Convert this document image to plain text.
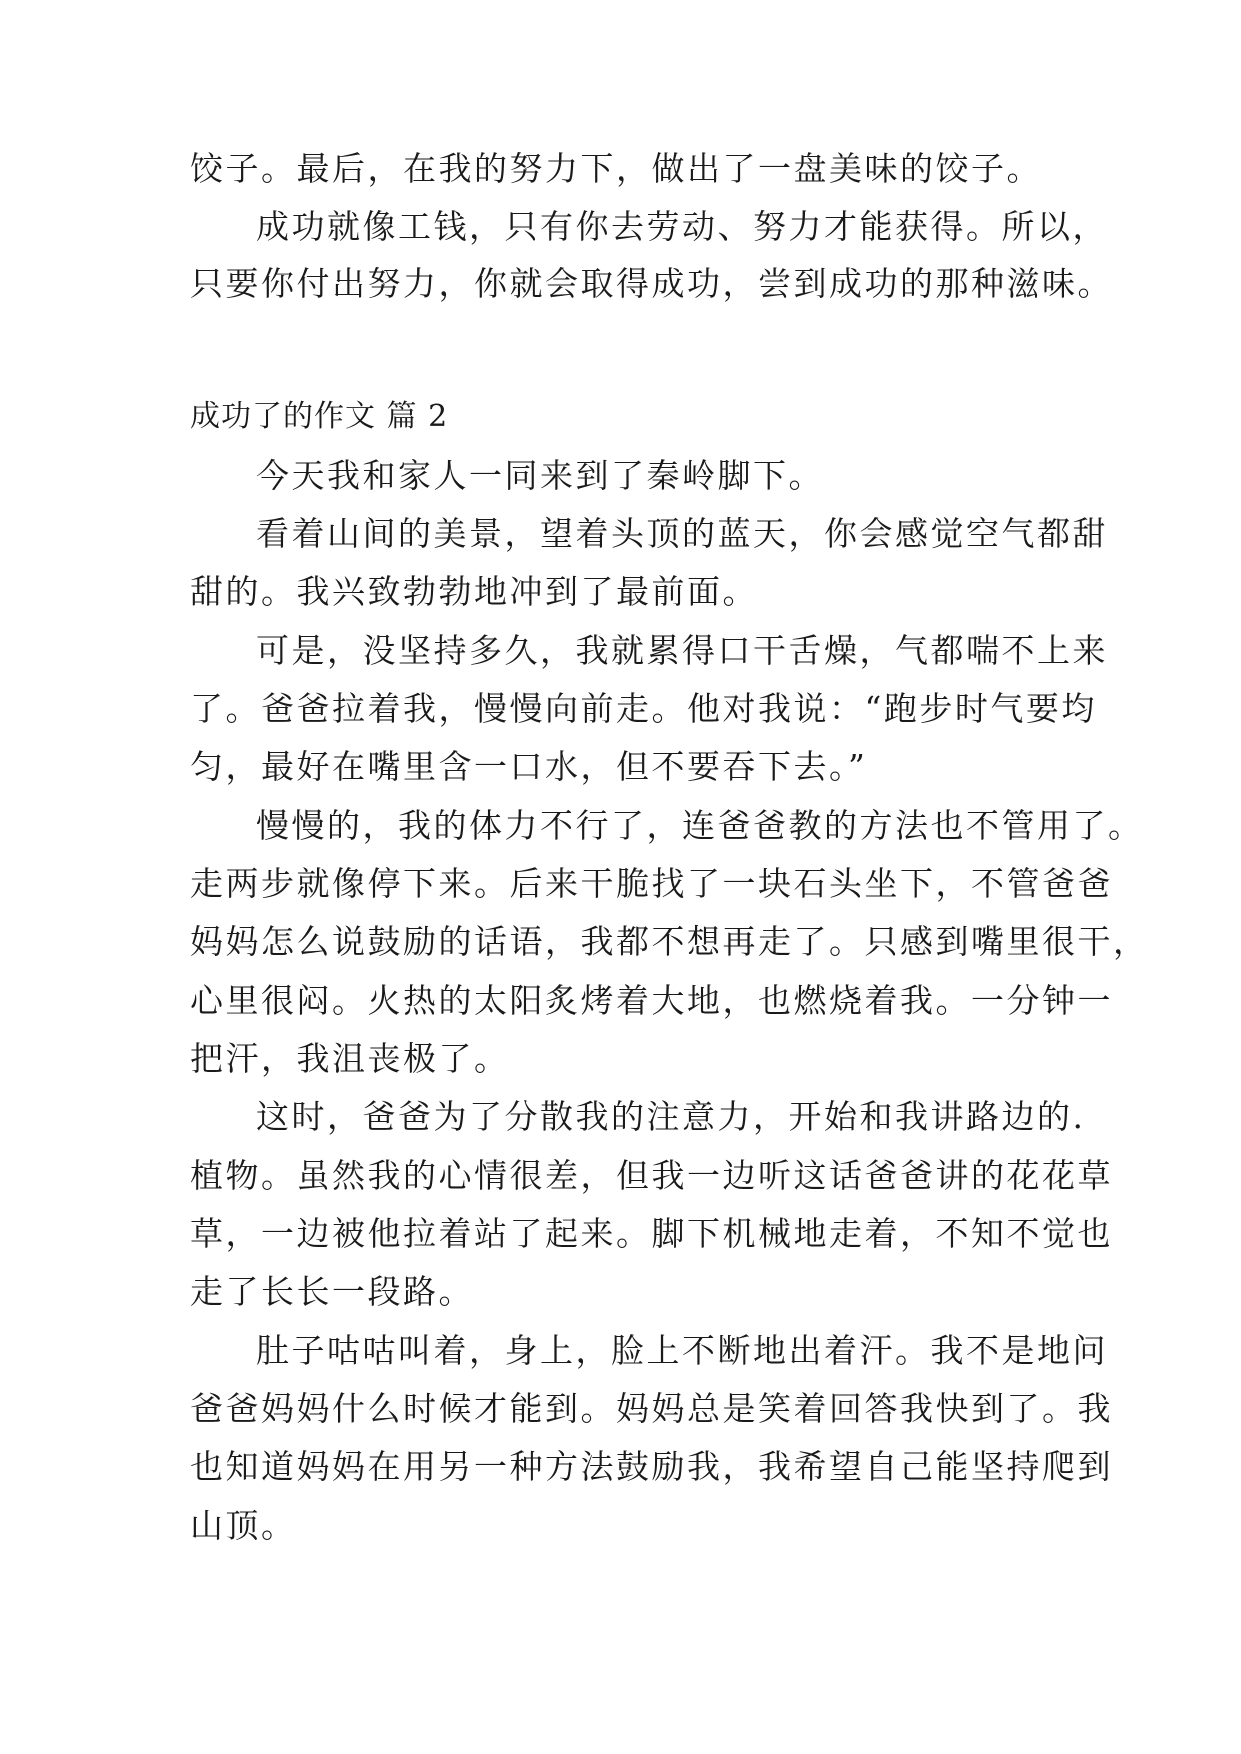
饺子。最后，在我的努力下，做出了一盘美味的饺子。
成功就像工钱，只有你去劳动、努力才能获得。所以，
只要你付出努力，你就会取得成功，尝到成功的那种滋味。
成功了的作文 篇 2
今天我和家人一同来到了秦岭脚下。
看着山间的美景，望着头顶的蓝天，你会感觉空气都甜
甜的。我兴致勃勃地冲到了最前面。
可是，没坚持多久，我就累得口干舌燥，气都喘不上来
了。爸爸拉着我，慢慢向前走。他对我说：“跑步时气要均
匀，最好在嘴里含一口水，但不要吞下去。”
慢慢的，我的体力不行了，连爸爸教的方法也不管用了。
走两步就像停下来。后来干脆找了一块石头坐下，不管爸爸
妈妈怎么说鼓励的话语，我都不想再走了。只感到嘴里很干，
心里很闷。火热的太阳炙烤着大地，也燃烧着我。一分钟一
把汗，我沮丧极了。
这时，爸爸为了分散我的注意力，开始和我讲路边的.
植物。虽然我的心情很差，但我一边听这话爸爸讲的花花草
草，一边被他拉着站了起来。脚下机械地走着，不知不觉也
走了长长一段路。
肚子咕咕叫着，身上，脸上不断地出着汗。我不是地问
爸爸妈妈什么时候才能到。妈妈总是笑着回答我快到了。我
也知道妈妈在用另一种方法鼓励我，我希望自己能坚持爬到
山顶。
